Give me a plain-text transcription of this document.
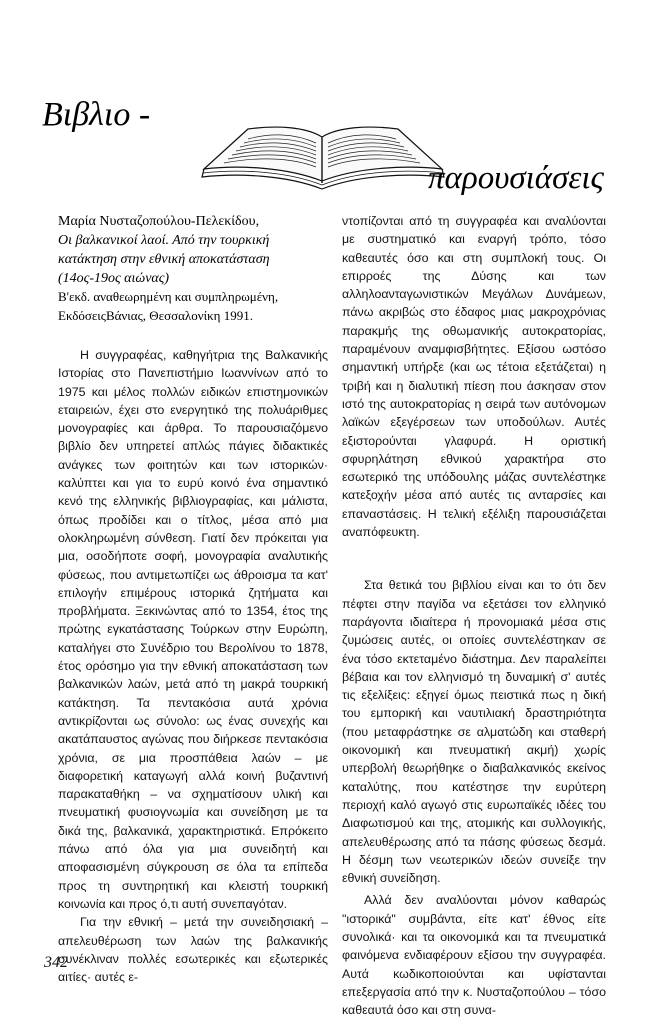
Βιβλιο -
παρουσιάσεις

Μαρία Νυσταζοπούλου-Πελεκίδου,

Οι βαλκανικοί λαοί. Από την τουρκική κατάκτηση στην εθνική αποκατάσταση

(14ος-19ος αιώνας)

Β'εκδ. αναθεωρημένη και συμπληρωμένη,

ΕκδόσειςΒάνιας, Θεσσαλονίκη 1991.

Η συγγραφέας, καθηγήτρια της Βαλκανικής Ιστορίας στο Πανεπιστήμιο Ιωαννίνων από το 1975 και μέλος πολλών ειδικών επιστημονικών εταιρειών, έχει στο ενεργητικό της πολυάριθμες μονογραφίες και άρθρα. Το παρουσιαζόμενο βιβλίο δεν υπηρετεί απλώς πάγιες διδακτικές ανάγκες των φοιτητών και των ιστορικών· καλύπτει και για το ευρύ κοινό ένα σημαντικό κενό της ελληνικής βιβλιογραφίας, και μάλιστα, όπως προδίδει και ο τίτλος, μέσα από μια ολοκληρωμένη σύνθεση. Γιατί δεν πρόκειται για μια, οσοδήποτε σοφή, μονογραφία αναλυτικής φύσεως, που αντιμετωπίζει ως άθροισμα τα κατ' επιλογήν επιμέρους ιστορικά ζητήματα και προβλήματα. Ξεκινώντας από το 1354, έτος της πρώτης εγκατάστασης Τούρκων στην Ευρώπη, καταλήγει στο Συνέδριο του Βερολίνου το 1878, έτος ορόσημο για την εθνική αποκατάσταση των βαλκανικών λαών, μετά από τη μακρά τουρκική κατάκτηση. Τα πεντακόσια αυτά χρόνια αντικρίζονται ως σύνολο: ως ένας συνεχής και ακατάπαυστος αγώνας που διήρκεσε πεντακόσια χρόνια, σε μια προσπάθεια λαών – με διαφορετική καταγωγή αλλά κοινή βυζαντινή παρακαταθήκη – να σχηματίσουν υλική και πνευματική φυσιογνωμία και συνείδηση με τα δικά της, βαλκανικά, χαρακτηριστικά. Επρόκειτο πάνω από όλα για μια συνειδητή και αποφασισμένη σύγκρουση σε όλα τα επίπεδα προς τη συντηρητική και κλειστή τουρκική κοινωνία και προς ό,τι αυτή συνεπαγόταν.

Για την εθνική – μετά την συνειδησιακή – απελευθέρωση των λαών της βαλκανικής συνέκλιναν πολλές εσωτερικές και εξωτερικές αιτίες· αυτές ε-

ντοπίζονται από τη συγγραφέα και αναλύονται με συστηματικό και εναργή τρόπο, τόσο καθεαυτές όσο και στη συμπλοκή τους. Οι επιρροές της Δύσης και των αλληλοανταγωνιστικών Μεγάλων Δυνάμεων, πάνω ακριβώς στο έδαφος μιας μακροχρόνιας παρακμής της οθωμανικής αυτοκρατορίας, παραμένουν αναμφισβήτητες. Εξίσου ωστόσο σημαντική υπήρξε (και ως τέτοια εξετάζεται) η τριβή και η διαλυτική πίεση που άσκησαν στον ιστό της αυτοκρατορίας η σειρά των αυτόνομων λαϊκών εξεγέρσεων των υποδούλων. Αυτές εξιστορούνται γλαφυρά. Η οριστική σφυρηλάτηση εθνικού χαρακτήρα στο εσωτερικό της υπόδουλης μάζας συντελέστηκε κατεξοχήν μέσα από αυτές τις ανταρσίες και επαναστάσεις. Η τελική εξέλιξη παρουσιάζεται αναπόφευκτη.

Στα θετικά του βιβλίου είναι και το ότι δεν πέφτει στην παγίδα να εξετάσει τον ελληνικό παράγοντα ιδιαίτερα ή προνομιακά μέσα στις ζυμώσεις αυτές, οι οποίες συντελέστηκαν σε ένα τόσο εκτεταμένο διάστημα. Δεν παραλείπει βέβαια και τον ελληνισμό τη δυναμική σ' αυτές τις εξελίξεις: εξηγεί όμως πειστικά πως η δική του εμπορική και ναυτιλιακή δραστηριότητα (που μεταφράστηκε σε αλματώδη και σταθερή οικονομική και πνευματική ακμή) χωρίς υπερβολή θεωρήθηκε ο διαβαλκανικός εκείνος καταλύτης, που κατέστησε την ευρύτερη περιοχή καλό αγωγό στις ευρωπαϊκές ιδέες του Διαφωτισμού και της, ατομικής και συλλογικής, απελευθέρωσης από τα πάσης φύσεως δεσμά. Η δέσμη των νεωτερικών ιδεών συνείξε την εθνική συνείδηση.

Αλλά δεν αναλύονται μόνον καθαρώς "ιστορικά" συμβάντα, είτε κατ' έθνος είτε συνολικά· και τα οικονομικά και τα πνευματικά φαινόμενα ενδιαφέρουν εξίσου την συγγραφέα. Αυτά κωδικοποιούνται και υφίστανται επεξεργασία από την κ. Νυσταζοπούλου – τόσο καθεαυτά όσο και στη συνα-

342
